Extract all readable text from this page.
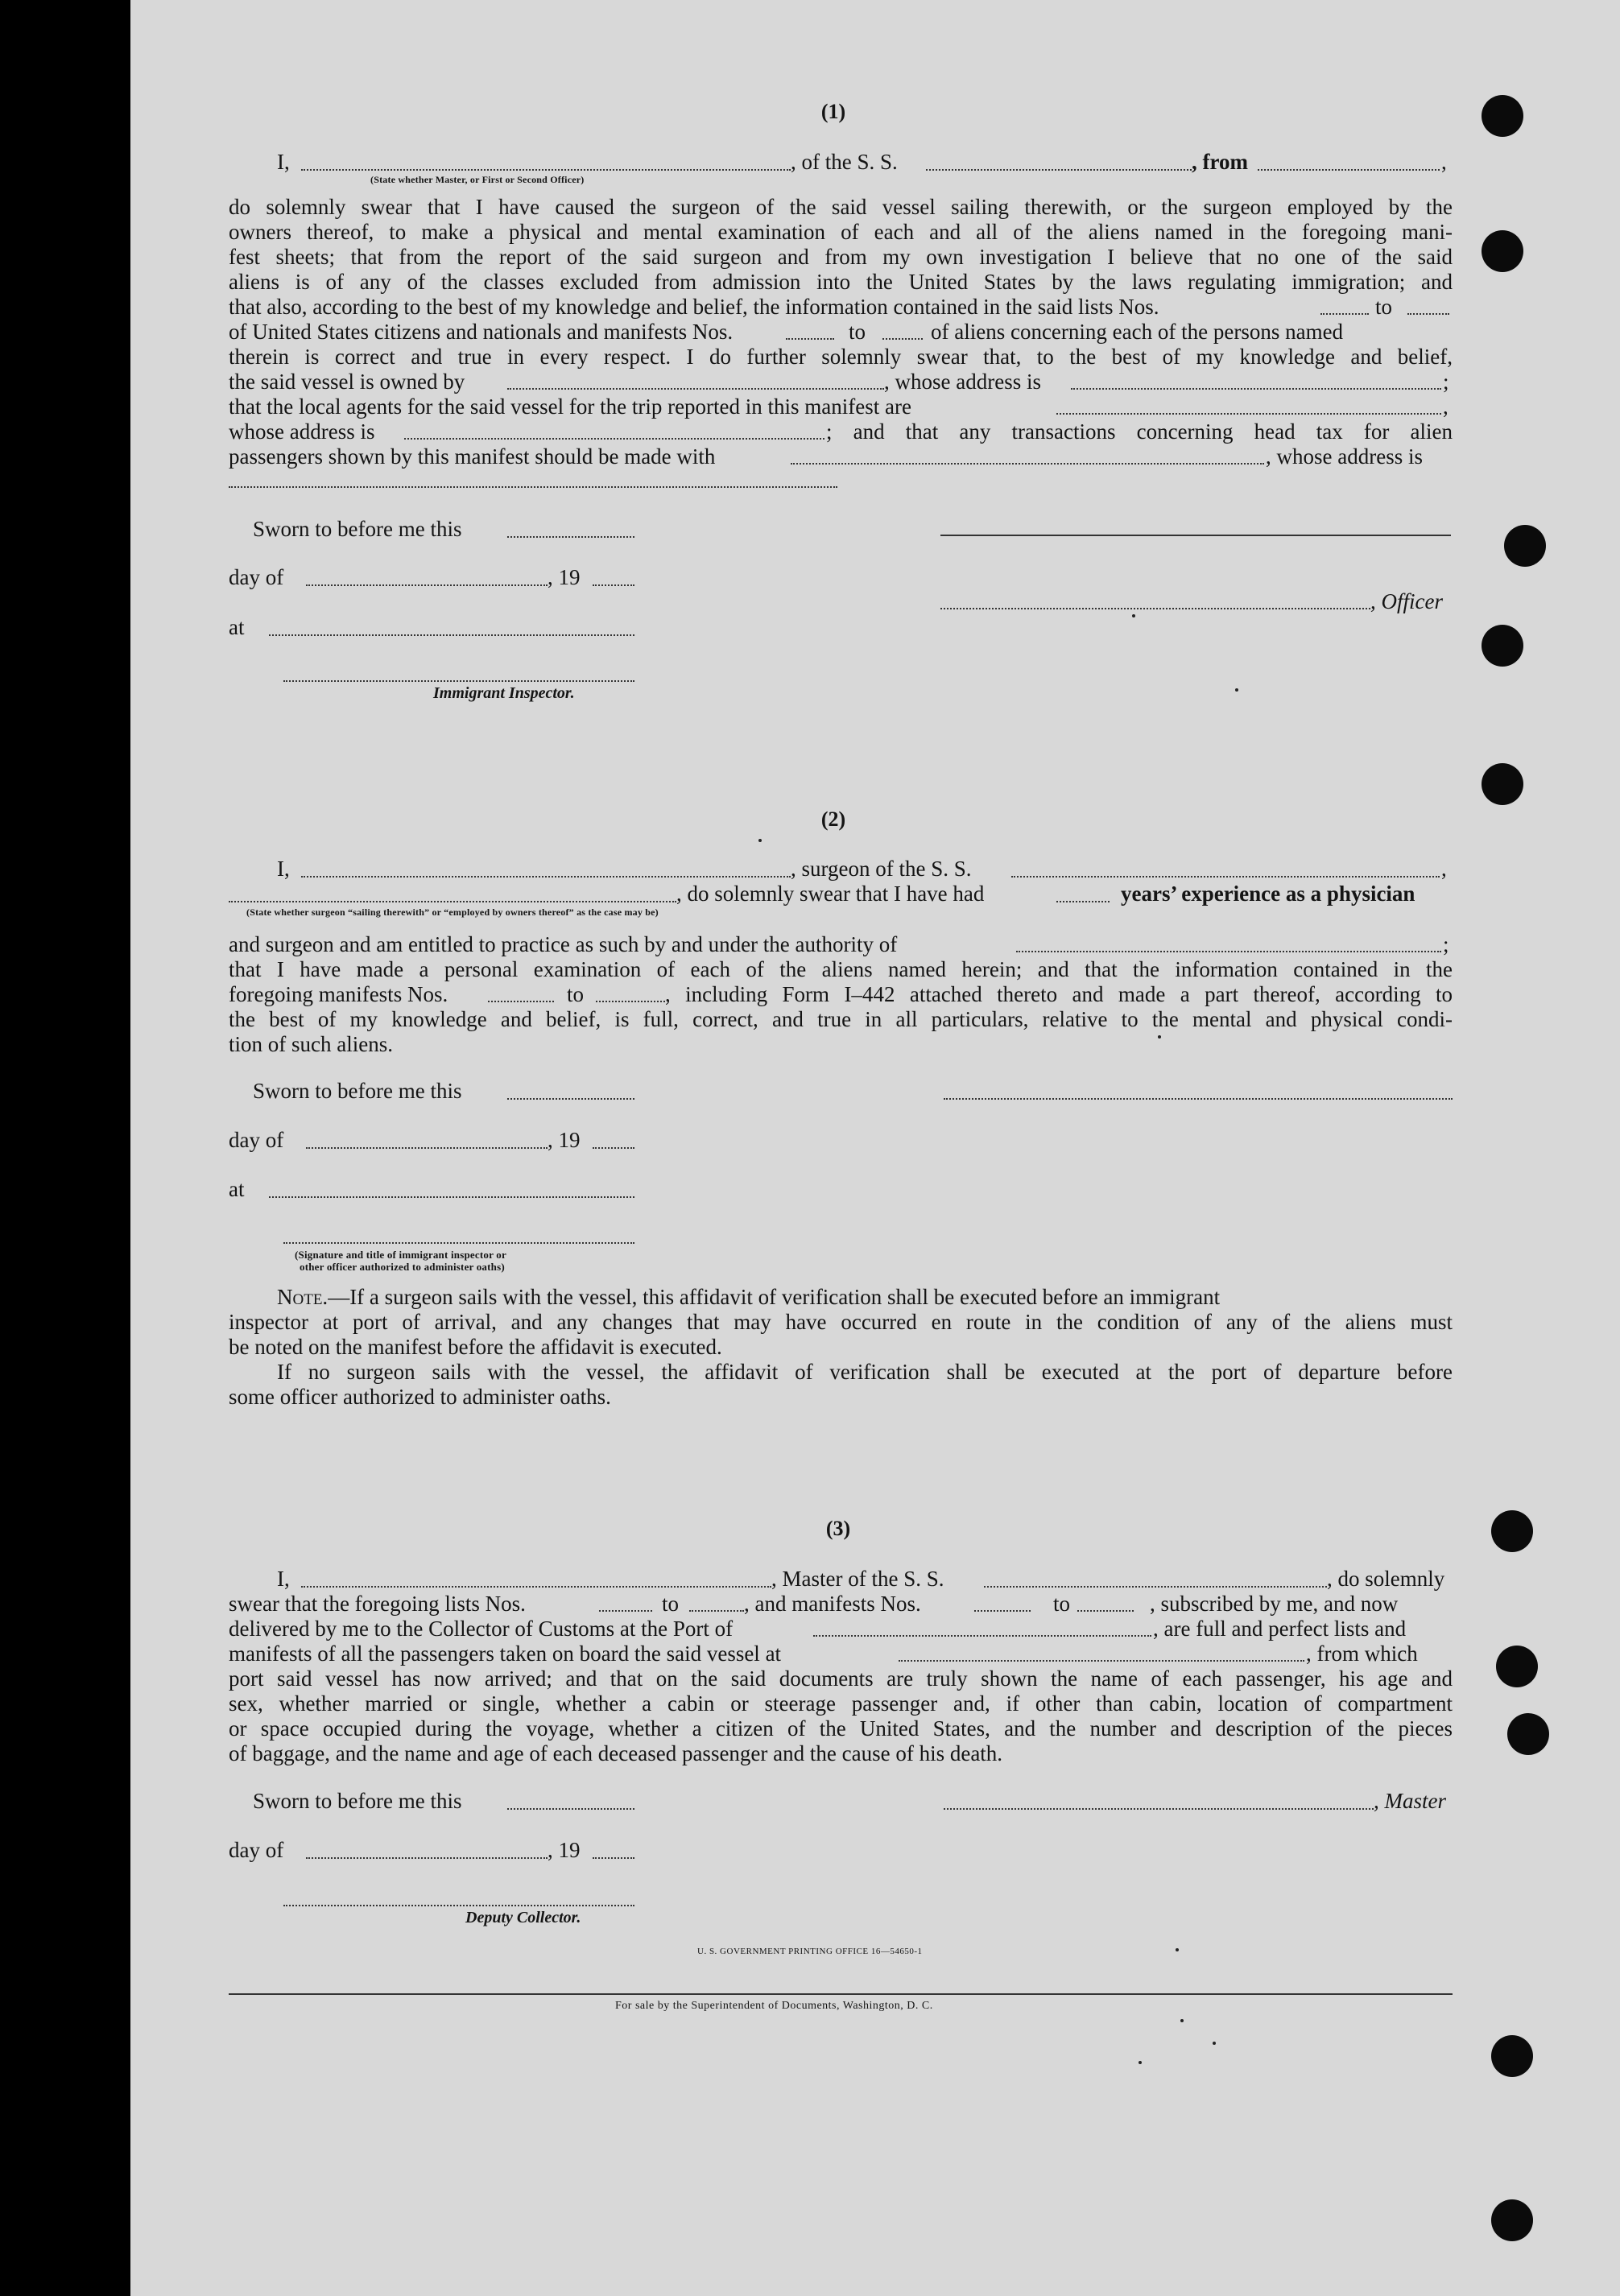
(1)
I,	, of the S. S.	, from	,
(State whether Master, or First or Second Officer)
do solemnly swear that I have caused the surgeon of the said vessel sailing therewith, or the surgeon employed by the
owners thereof, to make a physical and mental examination of each and all of the aliens named in the foregoing mani-
fest sheets; that from the report of the said surgeon and from my own investigation I believe that no one of the said
aliens is of any of the classes excluded from admission into the United States by the laws regulating immigration; and
that also, according to the best of my knowledge and belief, the information contained in the said lists Nos.	to
of United States citizens and nationals and manifests Nos.	to	of aliens concerning each of the persons named
therein is correct and true in every respect. I do further solemnly swear that, to the best of my knowledge and belief,
the said vessel is owned by	, whose address is	;
that the local agents for the said vessel for the trip reported in this manifest are	,
whose address is	; and that any transactions concerning head tax for alien
passengers shown by this manifest should be made with	, whose address is
Sworn to before me this
day of	, 19
at
Immigrant Inspector.
, Officer
(2)
I,	, surgeon of the S. S.	,
, do solemnly swear that I have had	years’ experience as a physician
(State whether surgeon “sailing therewith” or “employed by owners thereof” as the case may be)
and surgeon and am entitled to practice as such by and under the authority of	;
that I have made a personal examination of each of the aliens named herein; and that the information contained in the
foregoing manifests Nos.	to	, including Form I–442 attached thereto and made a part thereof, according to
the best of my knowledge and belief, is full, correct, and true in all particulars, relative to the mental and physical condi-
tion of such aliens.
Sworn to before me this
day of	, 19
at
(Signature and title of immigrant inspector or
other officer authorized to administer oaths)
Note.—If a surgeon sails with the vessel, this affidavit of verification shall be executed before an immigrant
inspector at port of arrival, and any changes that may have occurred en route in the condition of any of the aliens must
be noted on the manifest before the affidavit is executed.
If no surgeon sails with the vessel, the affidavit of verification shall be executed at the port of departure before
some officer authorized to administer oaths.
(3)
I,	, Master of the S. S.	, do solemnly
swear that the foregoing lists Nos.	to	, and manifests Nos.	to	, subscribed by me, and now
delivered by me to the Collector of Customs at the Port of	, are full and perfect lists and
manifests of all the passengers taken on board the said vessel at	, from which
port said vessel has now arrived; and that on the said documents are truly shown the name of each passenger, his age and
sex, whether married or single, whether a cabin or steerage passenger and, if other than cabin, location of compartment
or space occupied during the voyage, whether a citizen of the United States, and the number and description of the pieces
of baggage, and the name and age of each deceased passenger and the cause of his death.
Sworn to before me this	, Master
day of	, 19
Deputy Collector.
U. S. GOVERNMENT PRINTING OFFICE 16—54650-1
For sale by the Superintendent of Documents, Washington, D. C.
